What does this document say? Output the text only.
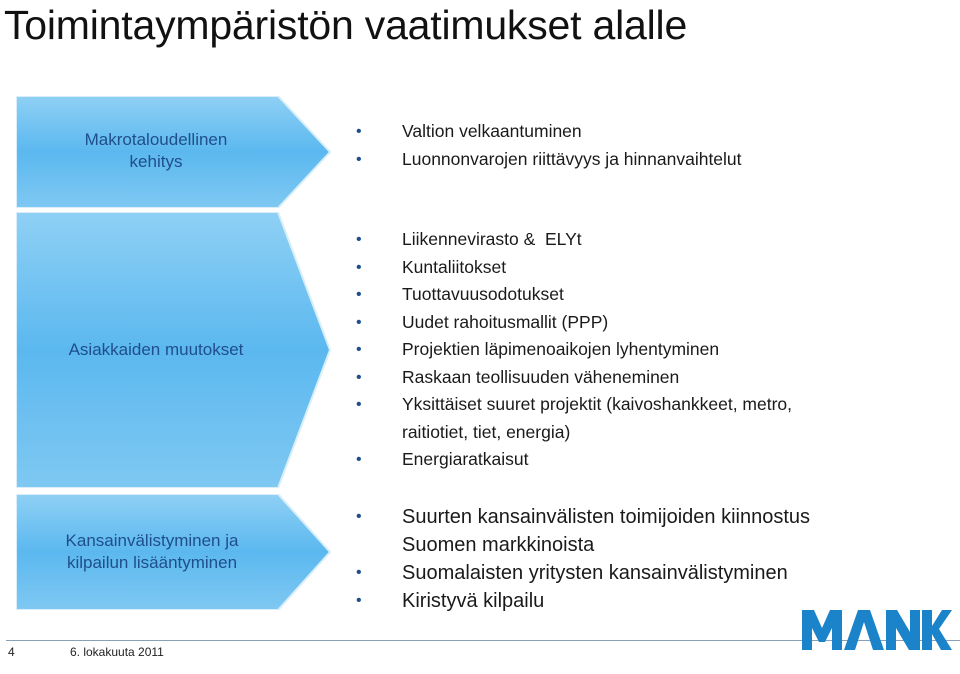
Toimintaympäristön vaatimukset alalle
Makrotaloudellinen
kehitys
Asiakkaiden muutokset
Kansainvälistyminen ja
kilpailun lisääntyminen
• Valtion velkaantuminen
• Luonnonvarojen riittävyys ja hinnanvaihtelut
• Liikennevirasto &  ELYt
• Kuntaliitokset
• Tuottavuusodotukset
• Uudet rahoitusmallit (PPP)
• Projektien läpimenoaikojen lyhentyminen
• Raskaan teollisuuden väheneminen
• Yksittäiset suuret projektit (kaivoshankkeet, metro,
raitiotiet, tiet, energia)
• Energiaratkaisut
• Suurten kansainvälisten toimijoiden kiinnostus
Suomen markkinoista
• Suomalaisten yritysten kansainvälistyminen
• Kiristyvä kilpailu
4	6. lokakuuta 2011
